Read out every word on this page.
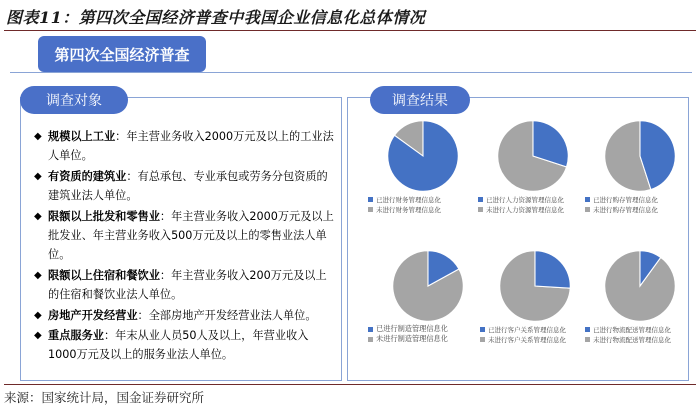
图表11：第四次全国经济普查中我国企业信息化总体情况
第四次全国经济普查
调查对象	调查结果
◆ 规模以上工业：年主营业务收入2000万元及以上的工业法人单位。
◆ 有资质的建筑业：有总承包、专业承包或劳务分包资质的建筑业法人单位。
◆ 限额以上批发和零售业：年主营业务收入2000万元及以上批发业、年主营业务收入500万元及以上的零售业法人单位。
◆ 限额以上住宿和餐饮业：年主营业务收入200万元及以上的住宿和餐饮业法人单位。
◆ 房地产开发经营业：全部房地产开发经营业法人单位。
◆ 重点服务业：年末从业人员50人及以上，年营业收入1000万元及以上的服务业法人单位。
已进行财务管理信息化
未进行财务管理信息化
已进行人力资源管理信息化
未进行人力资源管理信息化
已进行购存管理信息化
未进行购存管理信息化
已进行制造管理信息化
未进行制造管理信息化
已进行客户关系管理信息化
未进行客户关系管理信息化
已进行物流配送管理信息化
未进行物流配送管理信息化
来源：国家统计局，国金证券研究所
